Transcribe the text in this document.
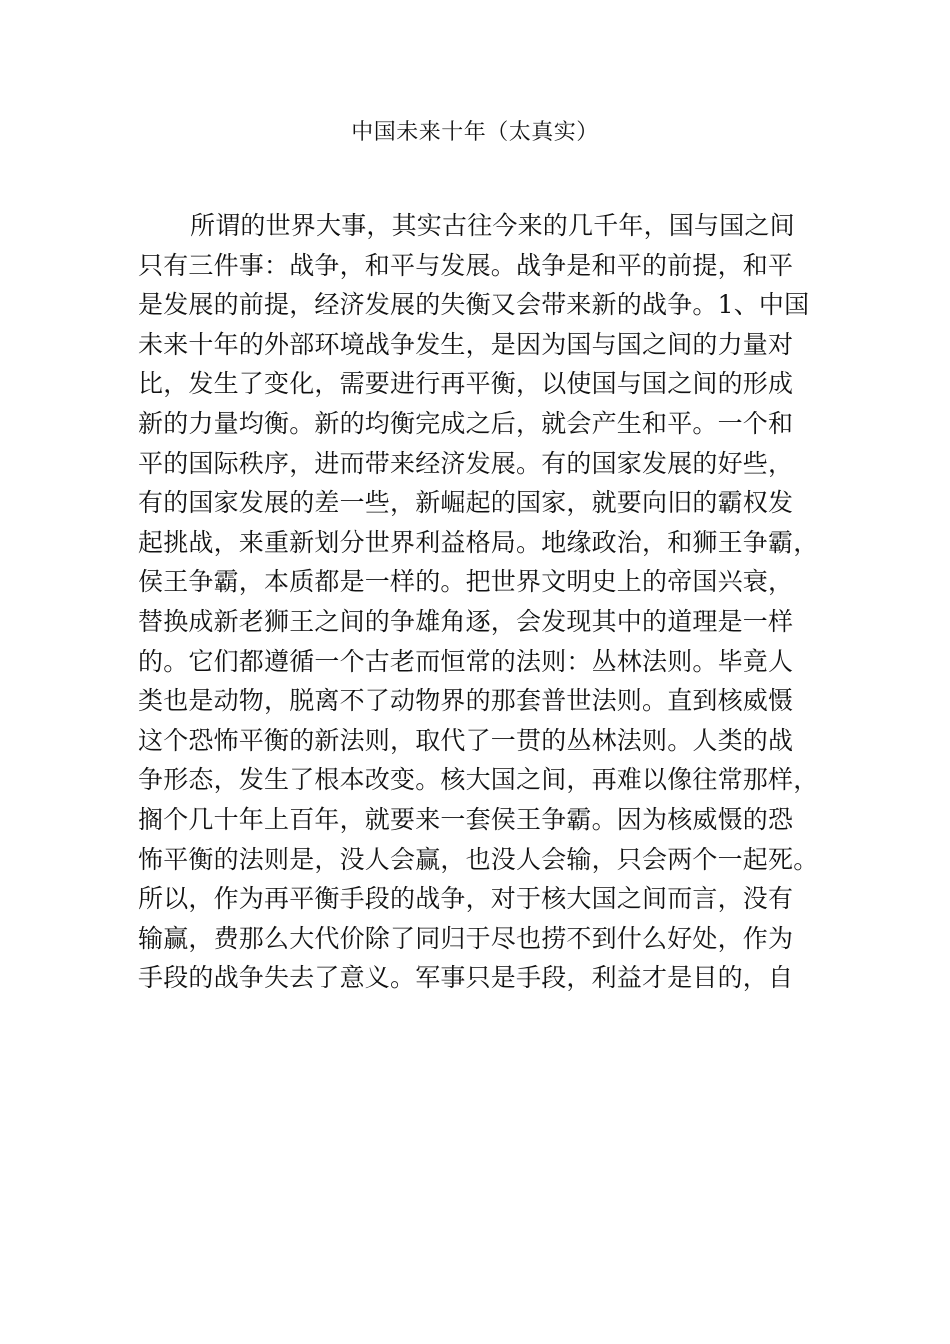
中国未来十年（太真实）
所谓的世界大事，其实古往今来的几千年，国与国之间
只有三件事：战争，和平与发展。战争是和平的前提，和平
是发展的前提，经济发展的失衡又会带来新的战争。1、中国
未来十年的外部环境战争发生，是因为国与国之间的力量对
比，发生了变化，需要进行再平衡，以使国与国之间的形成
新的力量均衡。新的均衡完成之后，就会产生和平。一个和
平的国际秩序，进而带来经济发展。有的国家发展的好些，
有的国家发展的差一些，新崛起的国家，就要向旧的霸权发
起挑战，来重新划分世界利益格局。地缘政治，和狮王争霸，
侯王争霸，本质都是一样的。把世界文明史上的帝国兴衰，
替换成新老狮王之间的争雄角逐，会发现其中的道理是一样
的。它们都遵循一个古老而恒常的法则：丛林法则。毕竟人
类也是动物，脱离不了动物界的那套普世法则。直到核威慑
这个恐怖平衡的新法则，取代了一贯的丛林法则。人类的战
争形态，发生了根本改变。核大国之间，再难以像往常那样，
搁个几十年上百年，就要来一套侯王争霸。因为核威慑的恐
怖平衡的法则是，没人会赢，也没人会输，只会两个一起死。
所以，作为再平衡手段的战争，对于核大国之间而言，没有
输赢，费那么大代价除了同归于尽也捞不到什么好处，作为
手段的战争失去了意义。军事只是手段，利益才是目的，自
